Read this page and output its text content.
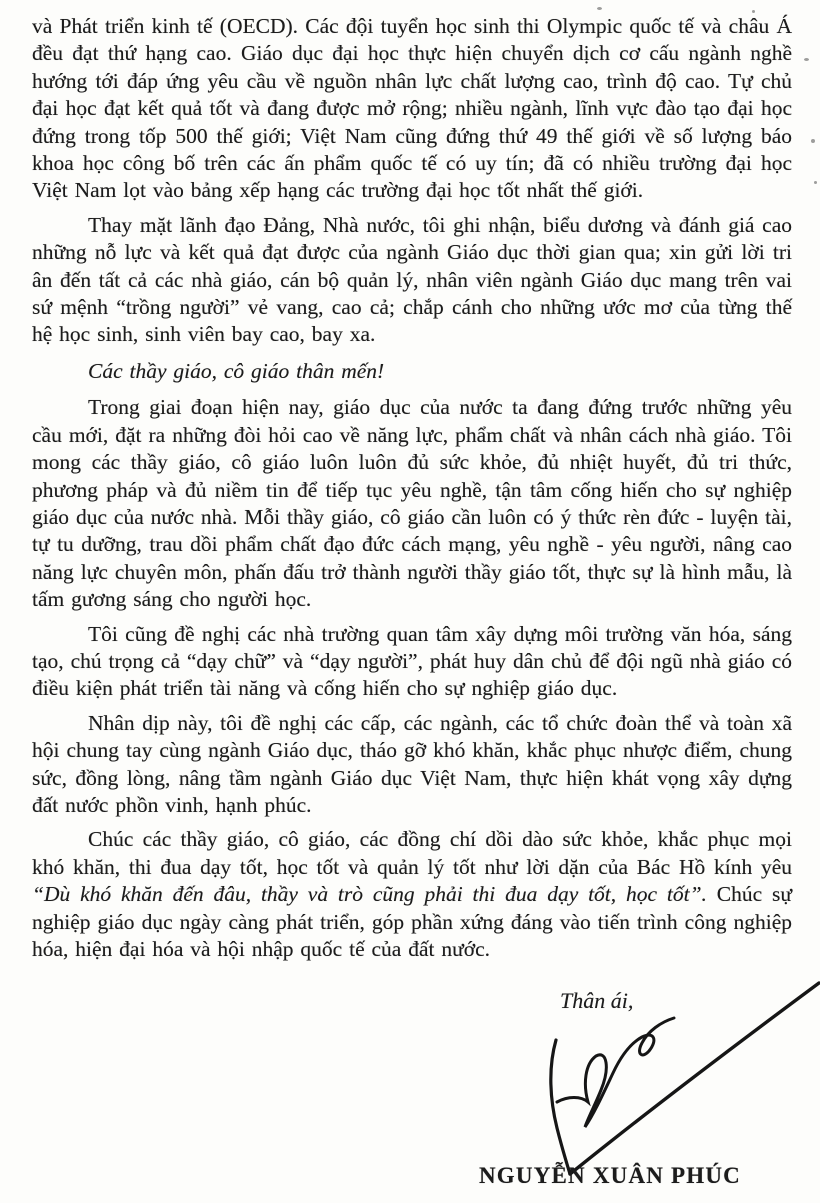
và Phát triển kinh tế (OECD). Các đội tuyển học sinh thi Olympic quốc tế và châu Á đều đạt thứ hạng cao. Giáo dục đại học thực hiện chuyển dịch cơ cấu ngành nghề hướng tới đáp ứng yêu cầu về nguồn nhân lực chất lượng cao, trình độ cao. Tự chủ đại học đạt kết quả tốt và đang được mở rộng; nhiều ngành, lĩnh vực đào tạo đại học đứng trong tốp 500 thế giới; Việt Nam cũng đứng thứ 49 thế giới về số lượng báo khoa học công bố trên các ấn phẩm quốc tế có uy tín; đã có nhiều trường đại học Việt Nam lọt vào bảng xếp hạng các trường đại học tốt nhất thế giới.

Thay mặt lãnh đạo Đảng, Nhà nước, tôi ghi nhận, biểu dương và đánh giá cao những nỗ lực và kết quả đạt được của ngành Giáo dục thời gian qua; xin gửi lời tri ân đến tất cả các nhà giáo, cán bộ quản lý, nhân viên ngành Giáo dục mang trên vai sứ mệnh “trồng người” vẻ vang, cao cả; chắp cánh cho những ước mơ của từng thế hệ học sinh, sinh viên bay cao, bay xa.

Các thầy giáo, cô giáo thân mến!

Trong giai đoạn hiện nay, giáo dục của nước ta đang đứng trước những yêu cầu mới, đặt ra những đòi hỏi cao về năng lực, phẩm chất và nhân cách nhà giáo. Tôi mong các thầy giáo, cô giáo luôn luôn đủ sức khỏe, đủ nhiệt huyết, đủ tri thức, phương pháp và đủ niềm tin để tiếp tục yêu nghề, tận tâm cống hiến cho sự nghiệp giáo dục của nước nhà. Mỗi thầy giáo, cô giáo cần luôn có ý thức rèn đức - luyện tài, tự tu dưỡng, trau dồi phẩm chất đạo đức cách mạng, yêu nghề - yêu người, nâng cao năng lực chuyên môn, phấn đấu trở thành người thầy giáo tốt, thực sự là hình mẫu, là tấm gương sáng cho người học.

Tôi cũng đề nghị các nhà trường quan tâm xây dựng môi trường văn hóa, sáng tạo, chú trọng cả “dạy chữ” và “dạy người”, phát huy dân chủ để đội ngũ nhà giáo có điều kiện phát triển tài năng và cống hiến cho sự nghiệp giáo dục.

Nhân dịp này, tôi đề nghị các cấp, các ngành, các tổ chức đoàn thể và toàn xã hội chung tay cùng ngành Giáo dục, tháo gỡ khó khăn, khắc phục nhược điểm, chung sức, đồng lòng, nâng tầm ngành Giáo dục Việt Nam, thực hiện khát vọng xây dựng đất nước phồn vinh, hạnh phúc.

Chúc các thầy giáo, cô giáo, các đồng chí dồi dào sức khỏe, khắc phục mọi khó khăn, thi đua dạy tốt, học tốt và quản lý tốt như lời dặn của Bác Hồ kính yêu “Dù khó khăn đến đâu, thầy và trò cũng phải thi đua dạy tốt, học tốt”. Chúc sự nghiệp giáo dục ngày càng phát triển, góp phần xứng đáng vào tiến trình công nghiệp hóa, hiện đại hóa và hội nhập quốc tế của đất nước.

Thân ái,
NGUYỄN XUÂN PHÚC
